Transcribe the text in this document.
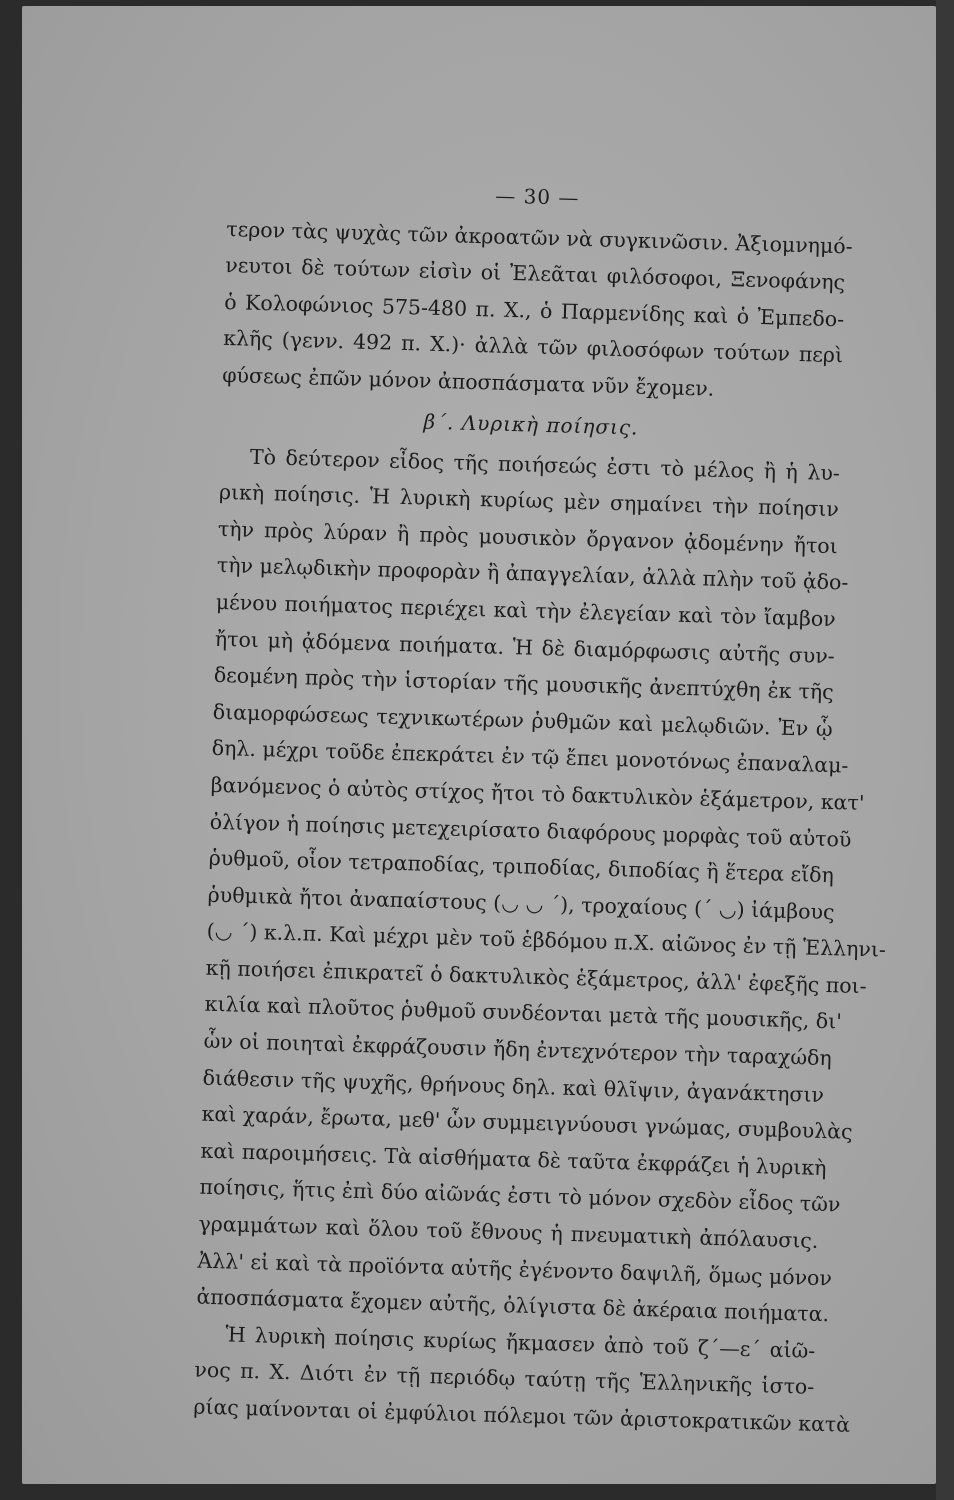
— 30 —
τερον τὰς ψυχὰς τῶν ἀκροατῶν νὰ συγκινῶσιν. Ἀξιομνημό-
νευτοι δὲ τούτων εἰσὶν οἱ Ἐλεᾶται φιλόσοφοι, Ξενοφάνης
ὁ Κολοφώνιος 575-480 π. Χ., ὁ Παρμενίδης καὶ ὁ Ἐμπεδο-
κλῆς (γενν. 492 π. Χ.)· ἀλλὰ τῶν φιλοσόφων τούτων περὶ
φύσεως ἐπῶν μόνον ἀποσπάσματα νῦν ἔχομεν.
β΄. Λυρικὴ ποίησις.
Τὸ δεύτερον εἶδος τῆς ποιήσεώς ἐστι τὸ μέλος ἢ ἡ λυ-
ρικὴ ποίησις. Ἡ λυρικὴ κυρίως μὲν σημαίνει τὴν ποίησιν
τὴν πρὸς λύραν ἢ πρὸς μουσικὸν ὄργανον ᾀδομένην ἤτοι
τὴν μελῳδικὴν προφορὰν ἢ ἀπαγγελίαν, ἀλλὰ πλὴν τοῦ ᾀδο-
μένου ποιήματος περιέχει καὶ τὴν ἐλεγείαν καὶ τὸν ἴαμβον
ἤτοι μὴ ᾀδόμενα ποιήματα. Ἡ δὲ διαμόρφωσις αὐτῆς συν-
δεομένη πρὸς τὴν ἱστορίαν τῆς μουσικῆς ἀνεπτύχθη ἐκ τῆς
διαμορφώσεως τεχνικωτέρων ῥυθμῶν καὶ μελῳδιῶν. Ἐν ᾧ
δηλ. μέχρι τοῦδε ἐπεκράτει ἐν τῷ ἔπει μονοτόνως ἐπαναλαμ-
βανόμενος ὁ αὐτὸς στίχος ἤτοι τὸ δακτυλικὸν ἑξάμετρον, κατ'
ὀλίγον ἡ ποίησις μετεχειρίσατο διαφόρους μορφὰς τοῦ αὐτοῦ
ῥυθμοῦ, οἷον τετραποδίας, τριποδίας, διποδίας ἢ ἕτερα εἴδη
ῥυθμικὰ ἤτοι ἀναπαίστους (◡ ◡ ´), τροχαίους (´ ◡) ἰάμβους
(◡ ´) κ.λ.π. Καὶ μέχρι μὲν τοῦ ἑβδόμου π.Χ. αἰῶνος ἐν τῇ Ἑλληνι-
κῇ ποιήσει ἐπικρατεῖ ὁ δακτυλικὸς ἑξάμετρος, ἀλλ' ἐφεξῆς ποι-
κιλία καὶ πλοῦτος ῥυθμοῦ συνδέονται μετὰ τῆς μουσικῆς, δι'
ὧν οἱ ποιηταὶ ἐκφράζουσιν ἤδη ἐντεχνότερον τὴν ταραχώδη
διάθεσιν τῆς ψυχῆς, θρήνους δηλ. καὶ θλῖψιν, ἀγανάκτησιν
καὶ χαράν, ἔρωτα, μεθ' ὧν συμμειγνύουσι γνώμας, συμβουλὰς
καὶ παροιμήσεις. Τὰ αἰσθήματα δὲ ταῦτα ἐκφράζει ἡ λυρικὴ
ποίησις, ἥτις ἐπὶ δύο αἰῶνάς ἐστι τὸ μόνον σχεδὸν εἶδος τῶν
γραμμάτων καὶ ὅλου τοῦ ἔθνους ἡ πνευματικὴ ἀπόλαυσις.
Ἀλλ' εἰ καὶ τὰ προϊόντα αὐτῆς ἐγένοντο δαψιλῆ, ὅμως μόνον
ἀποσπάσματα ἔχομεν αὐτῆς, ὀλίγιστα δὲ ἀκέραια ποιήματα.
Ἡ λυρικὴ ποίησις κυρίως ἤκμασεν ἀπὸ τοῦ ζ΄—ε΄ αἰῶ-
νος π. Χ. Διότι ἐν τῇ περιόδῳ ταύτῃ τῆς Ἑλληνικῆς ἱστο-
ρίας μαίνονται οἱ ἐμφύλιοι πόλεμοι τῶν ἀριστοκρατικῶν κατὰ
